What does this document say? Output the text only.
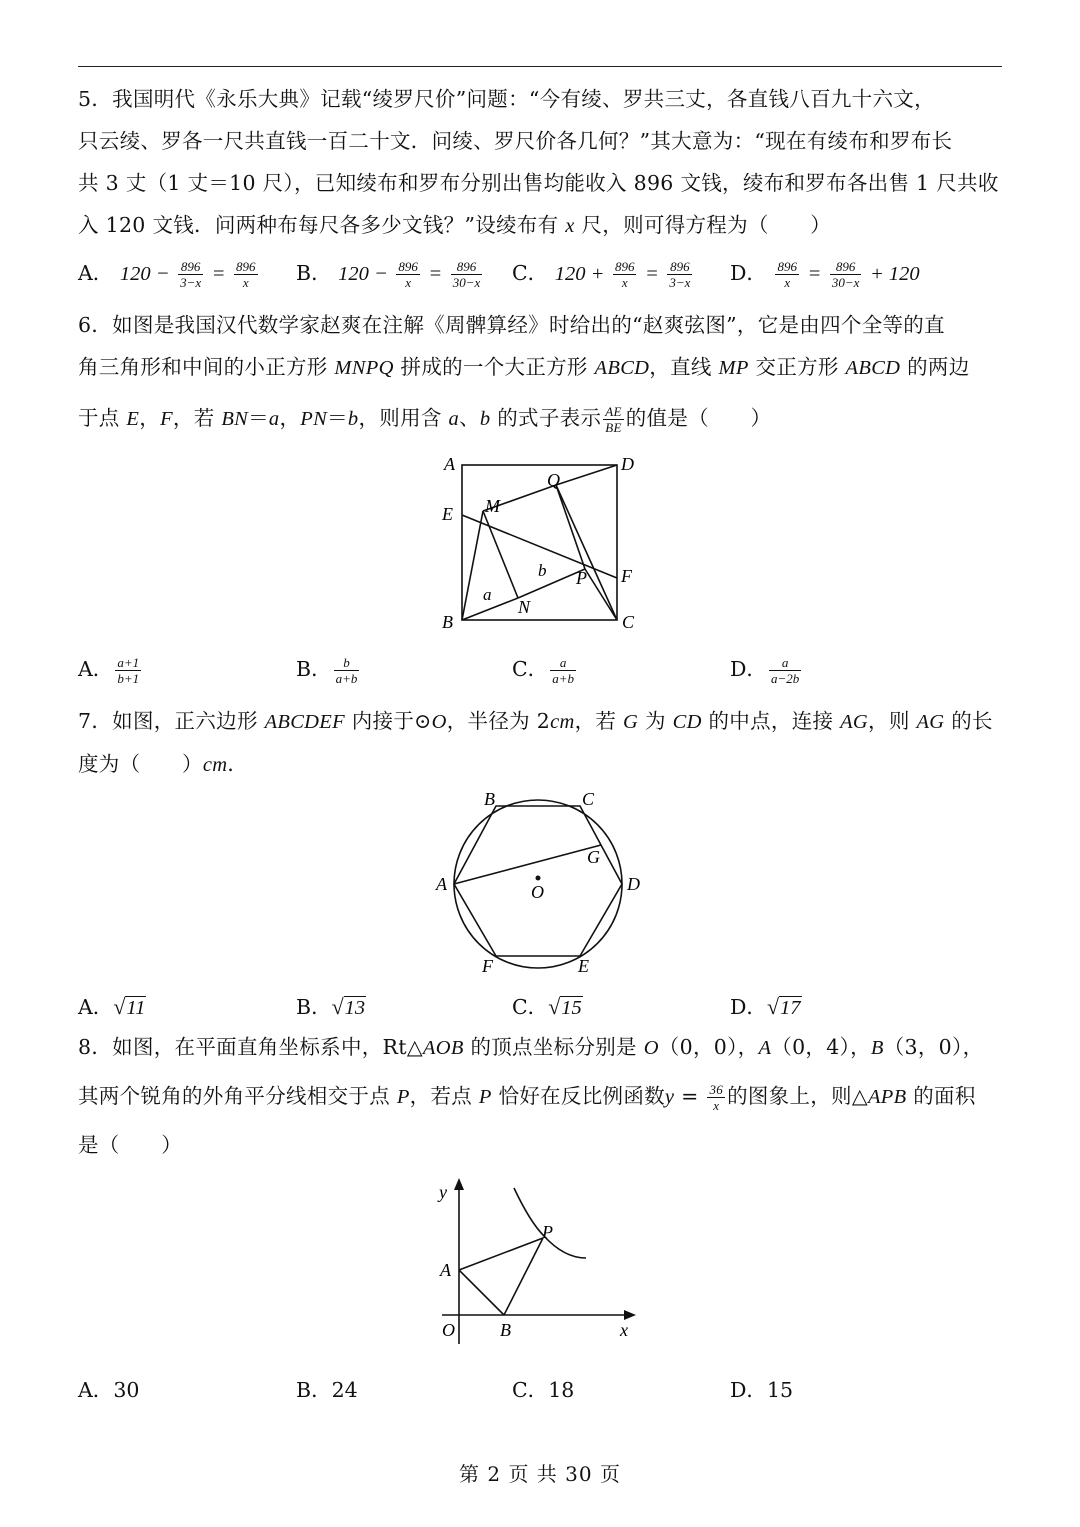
5．我国明代《永乐大典》记载“绫罗尺价”问题：“今有绫、罗共三丈，各直钱八百九十六文，
只云绫、罗各一尺共直钱一百二十文．问绫、罗尺价各几何？”其大意为：“现在有绫布和罗布长
共 3 丈（1 丈＝10 尺），已知绫布和罗布分别出售均能收入 896 文钱，绫布和罗布各出售 1 尺共收
入 120 文钱．问两种布每尺各多少文钱？”设绫布有 x 尺，则可得方程为（　　）
A． $120 - \frac{896}{3-x} = \frac{896}{x}$ B． $120 - \frac{896}{x} = \frac{896}{30-x}$ C． $120 + \frac{896}{x} = \frac{896}{3-x}$ D． $\frac{896}{x} = \frac{896}{30-x} + 120$
6．如图是我国汉代数学家赵爽在注解《周髀算经》时给出的“赵爽弦图”，它是由四个全等的直
角三角形和中间的小正方形 MNPQ 拼成的一个大正方形 ABCD，直线 MP 交正方形 ABCD 的两边
于点 E，F，若 BN＝a，PN＝b，则用含 a、b 的式子表示 $\frac{AE}{BE}$ 的值是（　　）
A	D
E M
Q
P F
b
a
N
B	C
A． $\frac{a+1}{b+1}$	B． $\frac{b}{a+b}$	C． $\frac{a}{a+b}$	D． $\frac{a}{a-2b}$
7．如图，正六边形 ABCDEF 内接于⊙O，半径为 2cm，若 G 为 CD 的中点，连接 AG，则 AG 的长
度为（　　）cm．
B	C
G
A	O	D
F	E
A．√11	B．√13	C．√15	D．√17
8．如图，在平面直角坐标系中，Rt△AOB 的顶点坐标分别是 O（0，0），A（0，4），B（3，0），
其两个锐角的外角平分线相交于点 P，若点 P 恰好在反比例函数$y = \frac{36}{x}$ 的图象上，则△APB 的面积
是（　　）
y
P
A
O	B	x
A．30	B．24	C．18	D．15
第 2 页 共 30 页
